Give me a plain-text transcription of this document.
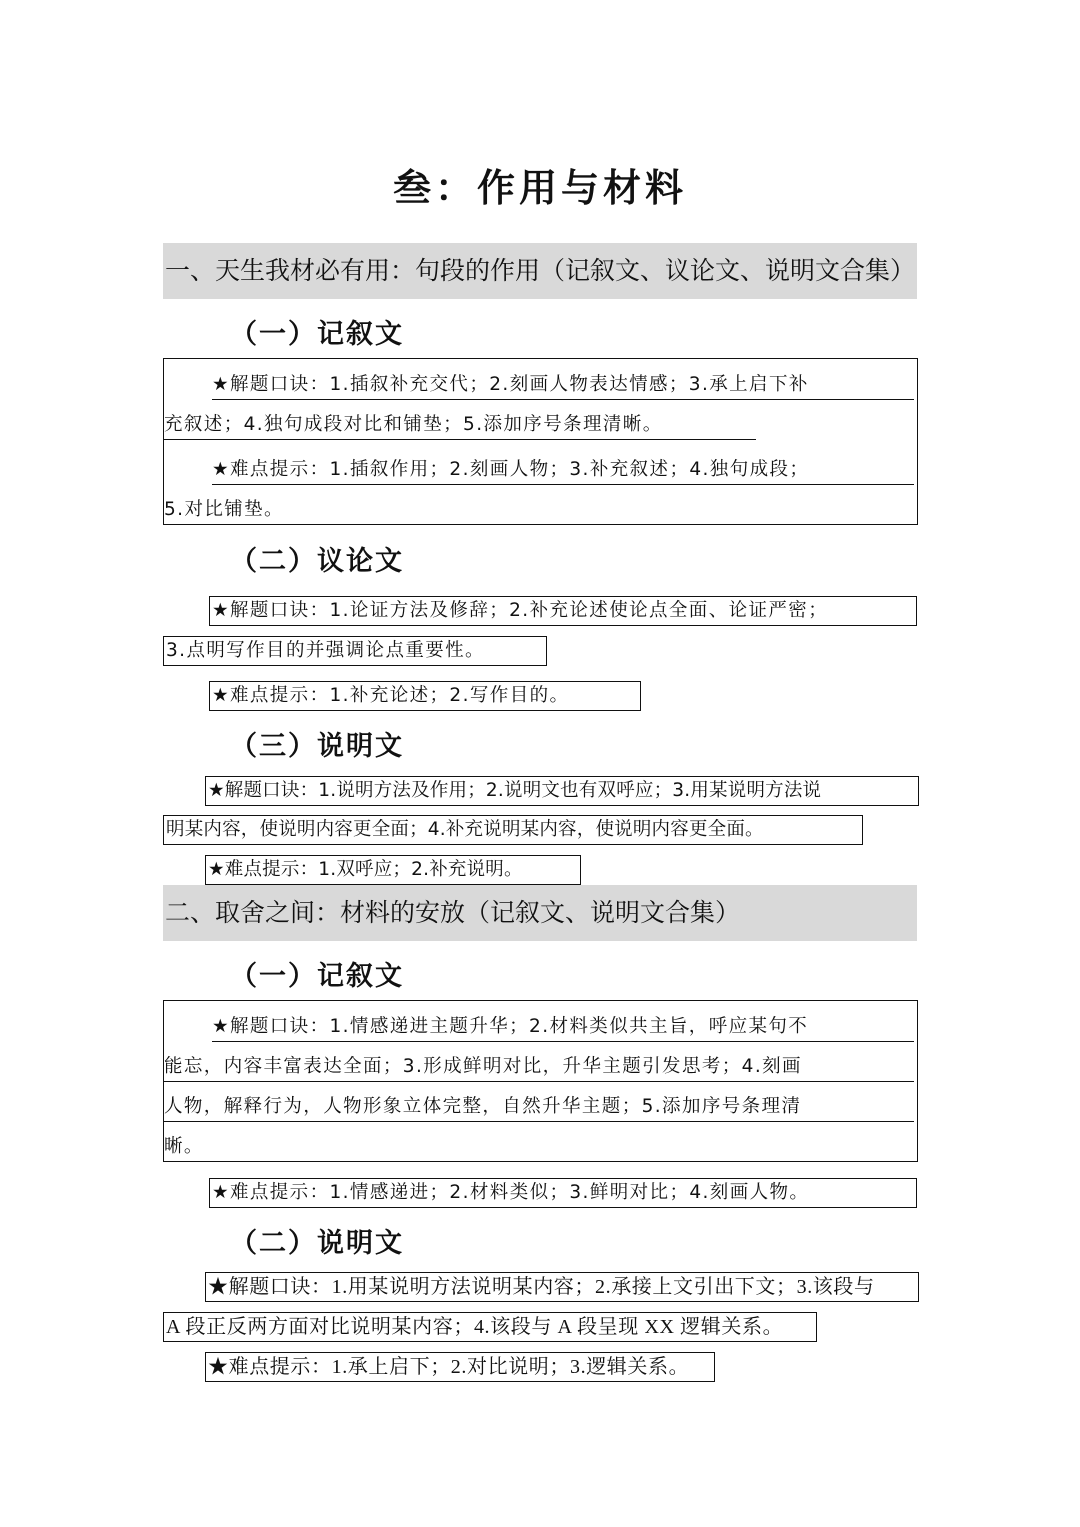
叁：作用与材料
一、天生我材必有用：句段的作用（记叙文、议论文、说明文合集）
（一）记叙文
★解题口诀：1.插叙补充交代；2.刻画人物表达情感；3.承上启下补
充叙述；4.独句成段对比和铺垫；5.添加序号条理清晰。
★难点提示：1.插叙作用；2.刻画人物；3.补充叙述；4.独句成段；
5.对比铺垫。
（二）议论文
★解题口诀：1.论证方法及修辞；2.补充论述使论点全面、论证严密；
3.点明写作目的并强调论点重要性。
★难点提示：1.补充论述；2.写作目的。
（三）说明文
★解题口诀：1.说明方法及作用；2.说明文也有双呼应；3.用某说明方法说
明某内容，使说明内容更全面；4.补充说明某内容，使说明内容更全面。
★难点提示：1.双呼应；2.补充说明。
二、取舍之间：材料的安放（记叙文、说明文合集）
（一）记叙文
★解题口诀：1.情感递进主题升华；2.材料类似共主旨，呼应某句不
能忘，内容丰富表达全面；3.形成鲜明对比，升华主题引发思考；4.刻画
人物，解释行为，人物形象立体完整，自然升华主题；5.添加序号条理清
晰。
★难点提示：1.情感递进；2.材料类似；3.鲜明对比；4.刻画人物。
（二）说明文
★解题口诀：1.用某说明方法说明某内容；2.承接上文引出下文；3.该段与
A 段正反两方面对比说明某内容；4.该段与 A 段呈现 XX 逻辑关系。
★难点提示：1.承上启下；2.对比说明；3.逻辑关系。
